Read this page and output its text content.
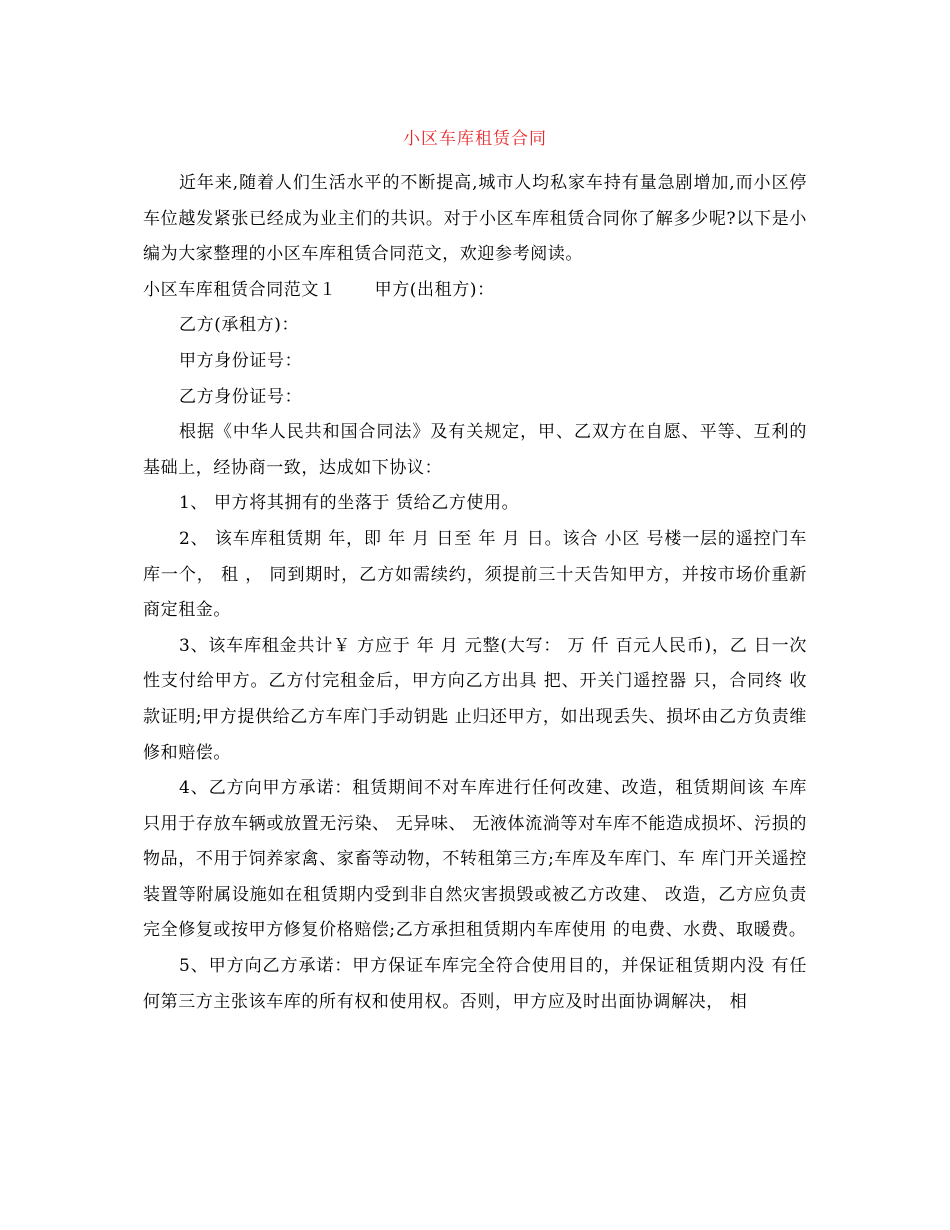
小区车库租赁合同

近年来,随着人们生活水平的不断提高,城市人均私家车持有量急剧增加,而小区停车位越发紧张已经成为业主们的共识。对于小区车库租赁合同你了解多少呢?以下是小编为大家整理的小区车库租赁合同范文，欢迎参考阅读。

小区车库租赁合同范文１ 甲方(出租方)：

乙方(承租方)：

甲方身份证号：

乙方身份证号：

根据《中华人民共和国合同法》及有关规定，甲、乙双方在自愿、平等、互利的基础上，经协商一致，达成如下协议：

1、 甲方将其拥有的坐落于 赁给乙方使用。

2、 该车库租赁期 年，即 年 月 日至 年 月 日。该合 小区 号楼一层的遥控门车库一个， 租 ， 同到期时，乙方如需续约，须提前三十天告知甲方，并按市场价重新商定租金。

3、该车库租金共计￥ 方应于 年 月 元整(大写： 万 仟 百元人民币)，乙 日一次性支付给甲方。乙方付完租金后，甲方向乙方出具 把、开关门遥控器 只，合同终 收款证明;甲方提供给乙方车库门手动钥匙 止归还甲方，如出现丢失、损坏由乙方负责维修和赔偿。

4、乙方向甲方承诺：租赁期间不对车库进行任何改建、改造，租赁期间该 车库只用于存放车辆或放置无污染、 无异味、 无液体流淌等对车库不能造成损坏、污损的物品，不用于饲养家禽、家畜等动物，不转租第三方;车库及车库门、车 库门开关遥控装置等附属设施如在租赁期内受到非自然灾害损毁或被乙方改建、 改造，乙方应负责完全修复或按甲方修复价格赔偿;乙方承担租赁期内车库使用 的电费、水费、取暖费。

5、甲方向乙方承诺：甲方保证车库完全符合使用目的，并保证租赁期内没 有任何第三方主张该车库的所有权和使用权。否则，甲方应及时出面协调解决， 相
